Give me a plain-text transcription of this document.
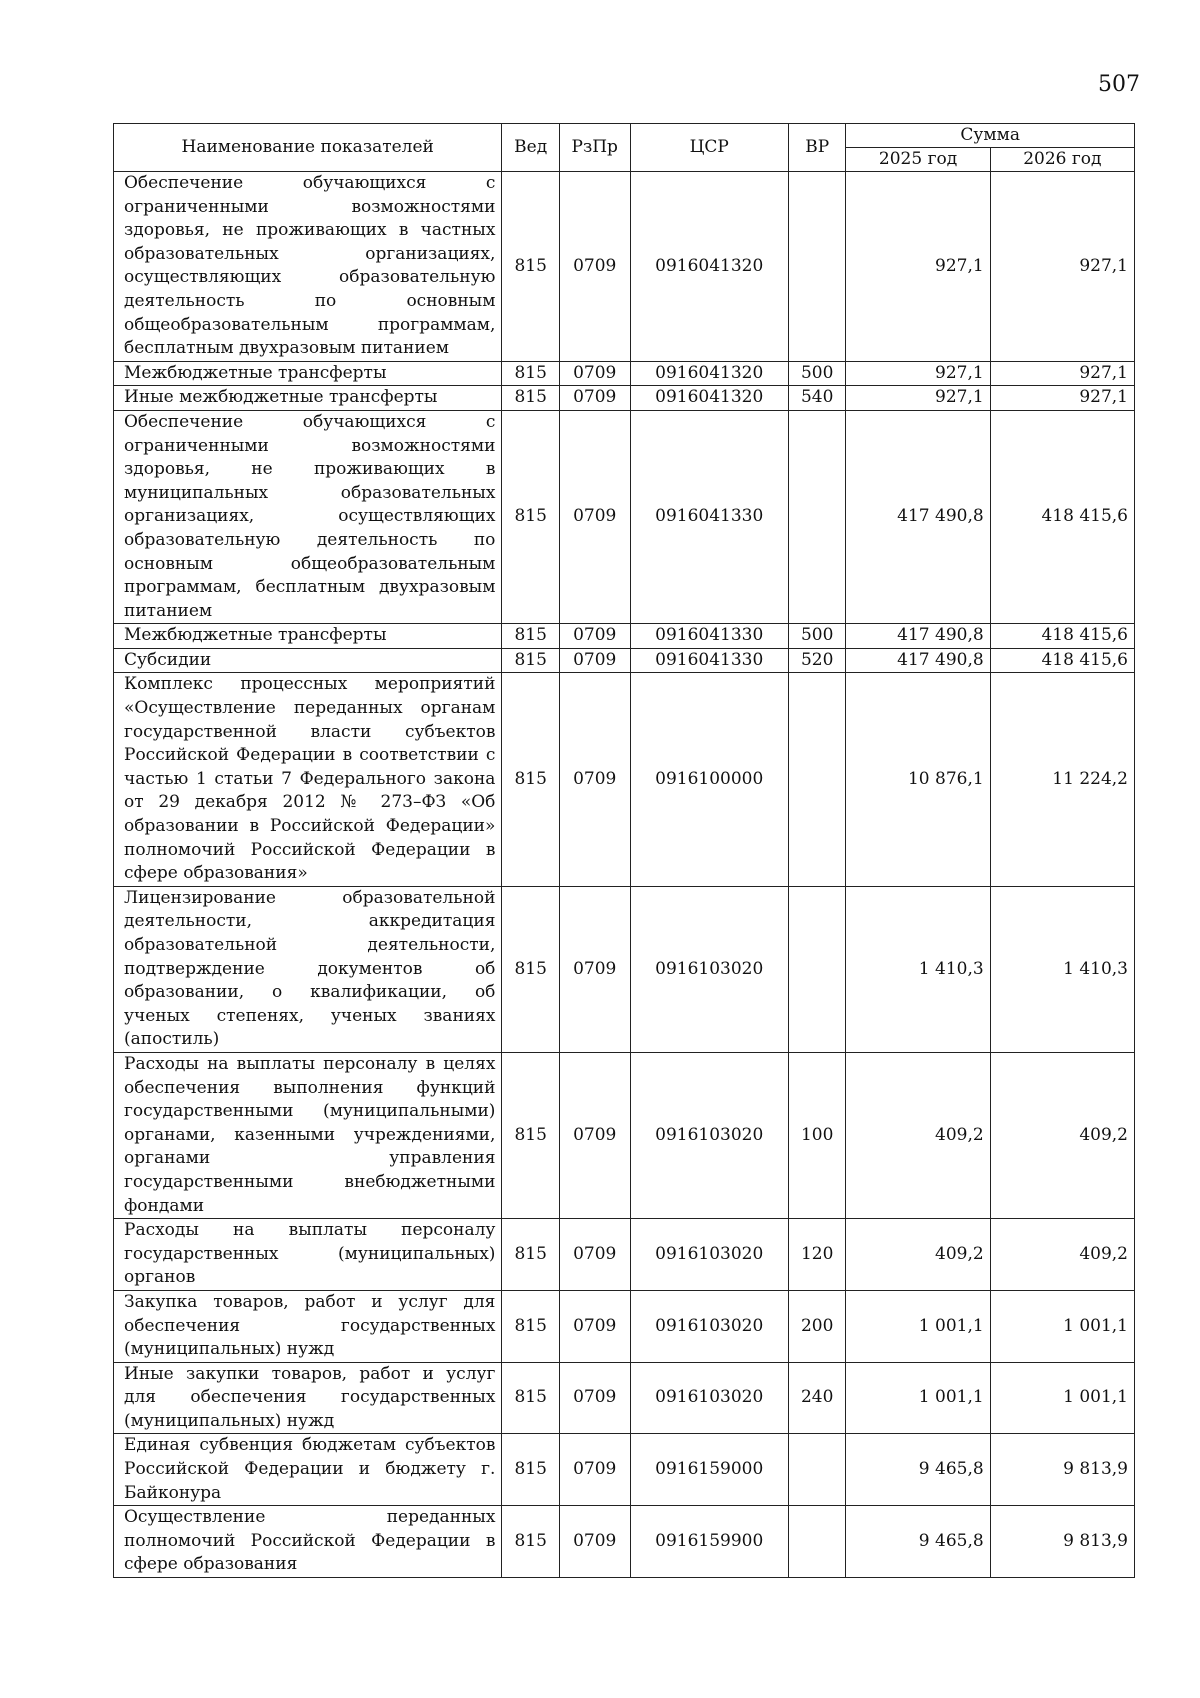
507
Наименование показателей	Вед	РзПр	ЦСР	ВР	Сумма	
					2025 год	2026 год
Обеспечение обучающихся с ограниченными возможностями здоровья, не проживающих в частных образовательных организациях, осуществляющих образовательную деятельность по основным общеобразовательным программам, бесплатным двухразовым питанием	815	0709	0916041320		927,1	927,1
Межбюджетные трансферты	815	0709	0916041320	500	927,1	927,1
Иные межбюджетные трансферты	815	0709	0916041320	540	927,1	927,1
Обеспечение обучающихся с ограниченными возможностями здоровья, не проживающих в муниципальных образовательных организациях, осуществляющих образовательную деятельность по основным общеобразовательным программам, бесплатным двухразовым питанием	815	0709	0916041330		417 490,8	418 415,6
Межбюджетные трансферты	815	0709	0916041330	500	417 490,8	418 415,6
Субсидии	815	0709	0916041330	520	417 490,8	418 415,6
Комплекс процессных мероприятий «Осуществление переданных органам государственной власти субъектов Российской Федерации в соответствии с частью 1 статьи 7 Федерального закона от 29 декабря 2012 № 273–ФЗ «Об образовании в Российской Федерации» полномочий Российской Федерации в сфере образования»	815	0709	0916100000		10 876,1	11 224,2
Лицензирование образовательной деятельности, аккредитация образовательной деятельности, подтверждение документов об образовании, о квалификации, об ученых степенях, ученых званиях (апостиль)	815	0709	0916103020		1 410,3	1 410,3
Расходы на выплаты персоналу в целях обеспечения выполнения функций государственными (муниципальными) органами, казенными учреждениями, органами управления государственными внебюджетными фондами	815	0709	0916103020	100	409,2	409,2
Расходы на выплаты персоналу государственных (муниципальных) органов	815	0709	0916103020	120	409,2	409,2
Закупка товаров, работ и услуг для обеспечения государственных (муниципальных) нужд	815	0709	0916103020	200	1 001,1	1 001,1
Иные закупки товаров, работ и услуг для обеспечения государственных (муниципальных) нужд	815	0709	0916103020	240	1 001,1	1 001,1
Единая субвенция бюджетам субъектов Российской Федерации и бюджету г. Байконура	815	0709	0916159000		9 465,8	9 813,9
Осуществление переданных полномочий Российской Федерации в сфере образования	815	0709	0916159900		9 465,8	9 813,9
